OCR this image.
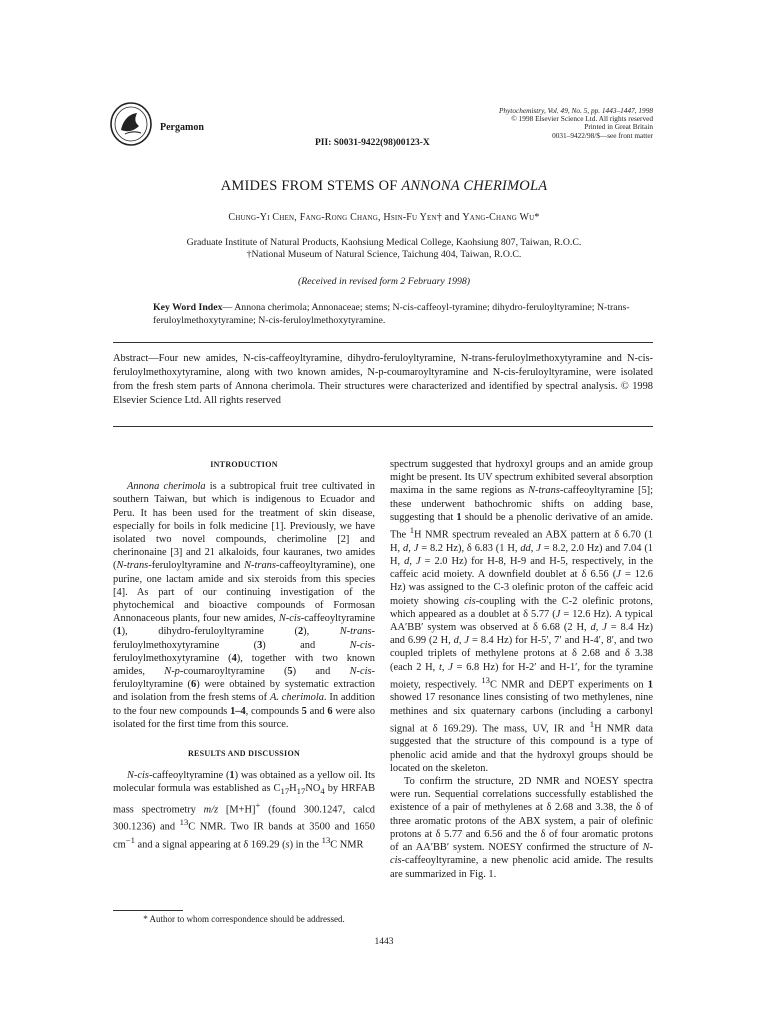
Pergamon
PII: S0031-9422(98)00123-X
Phytochemistry, Vol. 49, No. 5, pp. 1443–1447, 1998
© 1998 Elsevier Science Ltd. All rights reserved
Printed in Great Britain
0031–9422/98/$—see front matter
AMIDES FROM STEMS OF ANNONA CHERIMOLA
Chung-Yi Chen, Fang-Rong Chang, Hsin-Fu Yen† and Yang-Chang Wu*
Graduate Institute of Natural Products, Kaohsiung Medical College, Kaohsiung 807, Taiwan, R.O.C.
†National Museum of Natural Science, Taichung 404, Taiwan, R.O.C.
(Received in revised form 2 February 1998)
Key Word Index— Annona cherimola; Annonaceae; stems; N-cis-caffeoyl-tyramine; dihydro-feruloyltyramine; N-trans-feruloylmethoxytyramine; N-cis-feruloylmethoxytyramine.
Abstract—Four new amides, N-cis-caffeoyltyramine, dihydro-feruloyltyramine, N-trans-feruloylmethoxytyramine and N-cis-feruloylmethoxytyramine, along with two known amides, N-p-coumaroyltyramine and N-cis-feruloyltyramine, were isolated from the fresh stem parts of Annona cherimola. Their structures were characterized and identified by spectral analysis. © 1998 Elsevier Science Ltd. All rights reserved
INTRODUCTION

Annona cherimola is a subtropical fruit tree cultivated in southern Taiwan, but which is indigenous to Ecuador and Peru. It has been used for the treatment of skin disease, especially for boils in folk medicine [1]. Previously, we have isolated two novel compounds, cherimoline [2] and cherinonaine [3] and 21 alkaloids, four kauranes, two amides (N-trans-feruloyltyramine and N-trans-caffeoyltyramine), one purine, one lactam amide and six steroids from this species [4]. As part of our continuing investigation of the phytochemical and bioactive compounds of Formosan Annonaceous plants, four new amides, N-cis-caffeoyltyramine (1), dihydro-feruloyltyramine (2), N-trans-feruloylmethoxytyramine (3) and N-cis-feruloylmethoxytyramine (4), together with two known amides, N-p-coumaroyltyramine (5) and N-cis-feruloyltyramine (6) were obtained by systematic extraction and isolation from the fresh stems of A. cherimola. In addition to the four new compounds 1–4, compounds 5 and 6 were also isolated for the first time from this source.

RESULTS AND DISCUSSION

N-cis-caffeoyltyramine (1) was obtained as a yellow oil. Its molecular formula was established as $C_{17}H_{17}NO_4$ by HRFAB mass spectrometry m/z [M+H]+ (found 300.1247, calcd 300.1236) and $^{13}$C NMR. Two IR bands at 3500 and 1650 $cm^{-1}$ and a signal appearing at δ 169.29 (s) in the $^{13}$C NMR

spectrum suggested that hydroxyl groups and an amide group might be present. Its UV spectrum exhibited several absorption maxima in the same regions as N-trans-caffeoyltyramine [5]; these underwent bathochromic shifts on adding base, suggesting that 1 should be a phenolic derivative of an amide. The $^1$H NMR spectrum revealed an ABX pattern at δ 6.70 (1 H, d, J = 8.2 Hz), δ 6.83 (1 H, dd, J = 8.2, 2.0 Hz) and 7.04 (1 H, d, J = 2.0 Hz) for H-8, H-9 and H-5, respectively, in the caffeic acid moiety. A downfield doublet at δ 6.56 (J = 12.6 Hz) was assigned to the C-3 olefinic proton of the caffeic acid moiety showing cis-coupling with the C-2 olefinic protons, which appeared as a doublet at δ 5.77 (J = 12.6 Hz). A typical AA′BB′ system was observed at δ 6.68 (2 H, d, J = 8.4 Hz) and 6.99 (2 H, d, J = 8.4 Hz) for H-5′, 7′ and H-4′, 8′, and two coupled triplets of methylene protons at δ 2.68 and δ 3.38 (each 2 H, t, J = 6.8 Hz) for H-2′ and H-1′, for the tyramine moiety, respectively. $^{13}$C NMR and DEPT experiments on 1 showed 17 resonance lines consisting of two methylenes, nine methines and six quaternary carbons (including a carbonyl signal at δ 169.29). The mass, UV, IR and $^1$H NMR data suggested that the structure of this compound is a type of phenolic acid amide and that the hydroxyl groups should be located on the skeleton.

To confirm the structure, 2D NMR and NOESY spectra were run. Sequential correlations successfully established the existence of a pair of methylenes at δ 2.68 and 3.38, the δ of three aromatic protons of the ABX system, a pair of olefinic protons at δ 5.77 and 6.56 and the δ of four aromatic protons of an AA′BB′ system. NOESY confirmed the structure of N-cis-caffeoyltyramine, a new phenolic acid amide. The results are summarized in Fig. 1.

* Author to whom correspondence should be addressed.
1443
